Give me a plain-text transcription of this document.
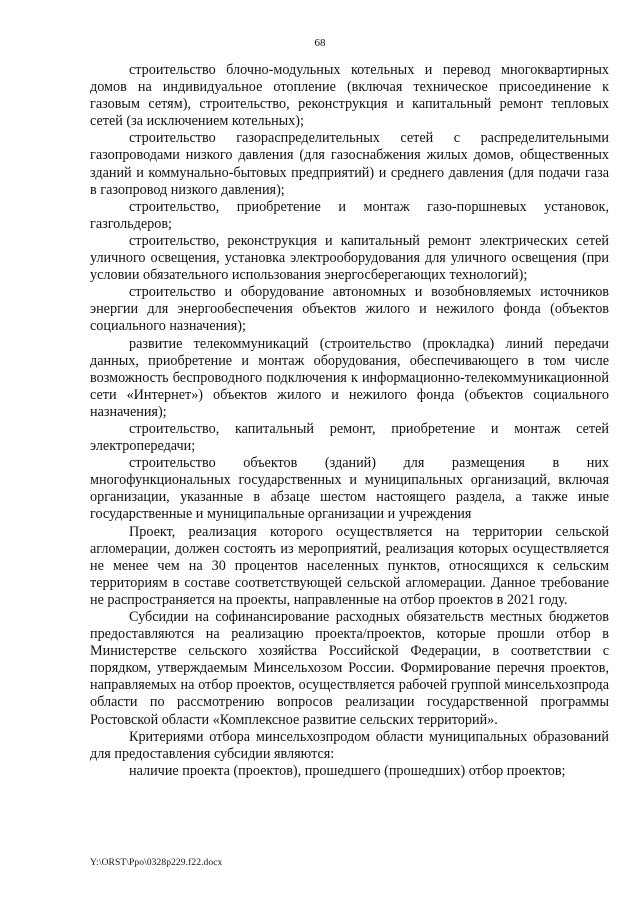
68

строительство блочно-модульных котельных и перевод многоквартирных домов на индивидуальное отопление (включая техническое присоединение к газовым сетям), строительство, реконструкция и капитальный ремонт тепловых сетей (за исключением котельных);

строительство газораспределительных сетей с распределительными газопроводами низкого давления (для газоснабжения жилых домов, общественных зданий и коммунально-бытовых предприятий) и среднего давления (для подачи газа в газопровод низкого давления);

строительство, приобретение и монтаж газо-поршневых установок, газгольдеров;

строительство, реконструкция и капитальный ремонт электрических сетей уличного освещения, установка электрооборудования для уличного освещения (при условии обязательного использования энергосберегающих технологий);

строительство и оборудование автономных и возобновляемых источников энергии для энергообеспечения объектов жилого и нежилого фонда (объектов социального назначения);

развитие телекоммуникаций (строительство (прокладка) линий передачи данных, приобретение и монтаж оборудования, обеспечивающего в том числе возможность беспроводного подключения к информационно-телекоммуникационной сети «Интернет») объектов жилого и нежилого фонда (объектов социального назначения);

строительство, капитальный ремонт, приобретение и монтаж сетей электропередачи;

строительство объектов (зданий) для размещения в них многофункциональных государственных и муниципальных организаций, включая организации, указанные в абзаце шестом настоящего раздела, а также иные государственные и муниципальные организации и учреждения

Проект, реализация которого осуществляется на территории сельской агломерации, должен состоять из мероприятий, реализация которых осуществляется не менее чем на 30 процентов населенных пунктов, относящихся к сельским территориям в составе соответствующей сельской агломерации. Данное требование не распространяется на проекты, направленные на отбор проектов в 2021 году.

Субсидии на софинансирование расходных обязательств местных бюджетов предоставляются на реализацию проекта/проектов, которые прошли отбор в Министерстве сельского хозяйства Российской Федерации, в соответствии с порядком, утверждаемым Минсельхозом России. Формирование перечня проектов, направляемых на отбор проектов, осуществляется рабочей группой минсельхозпрода области по рассмотрению вопросов реализации государственной программы Ростовской области «Комплексное развитие сельских территорий».

Критериями отбора минсельхозпродом области муниципальных образований для предоставления субсидии являются:

наличие проекта (проектов), прошедшего (прошедших) отбор проектов;

Y:\ORST\Ppo\0328p229.f22.docx
